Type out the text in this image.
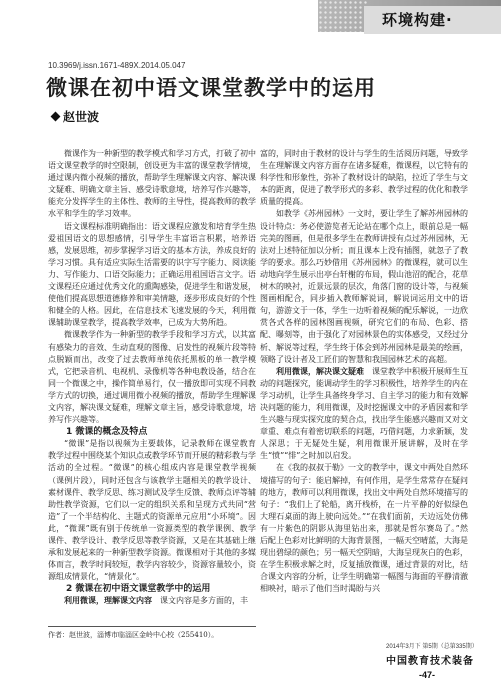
环境构建·
10.3969/j.issn.1671-489X.2014.05.047
微课在初中语文课堂教学中的运用
赵世波

微课作为一种新型的教学模式和学习方式，打破了初中语文课堂教学的时空限制，创设更为丰富的课堂教学情境，通过课内微小视频的播放，帮助学生理解课文内容、解决课文疑难、明确文章主旨、感受诗歌意境，培养写作兴趣等，能充分发挥学生的主体性、教师的主导性，提高教师的教学水平和学生的学习效率。

语文课程标准明确指出：语文课程应激发和培育学生热爱祖国语文的思想感情，引导学生丰富语言积累，培养语感，发展思维，初步掌握学习语文的基本方法，养成良好的学习习惯。具有适应实际生活需要的识字写字能力、阅读能力、写作能力、口语交际能力；正确运用祖国语言文字。语文课程还应通过优秀文化的熏陶感染，促进学生和谐发展，使他们提高思想道德修养和审美情趣，逐步形成良好的个性和健全的人格。因此，在信息技术飞速发展的今天，利用微课辅助课堂教学，提高教学效率，已成为大势所趋。

微课教学作为一种新型的教学手段和学习方式，以其富有感染力的音效、生动直观的图像、启发性的视频片段等特点脱颖而出，改变了过去教师单纯依托黑板的单一教学模式，它把录音机、电视机、录像机等各种电教设备，结合在同一个微课之中，操作简单易行，仅一播放即可实现不同教学方式的切换，通过调用微小视频的播放，帮助学生理解课文内容，解决课文疑难，理解文章主旨，感受诗歌意境，培养写作兴趣等。

1 微课的概念及特点

“微课”是指以视频为主要载体，记录教师在课堂教育教学过程中围绕某个知识点或教学环节而开展的精彩教与学活动的全过程。“微课”的核心组成内容是课堂教学视频（课例片段），同时还包含与该教学主题相关的教学设计、素材课件、教学反思、练习测试及学生反馈、教师点评等辅助性教学资源，它们以一定的组织关系和呈现方式共同“营造”了一个半结构化、主题式的资源单元应用“小环境”。因此，“微课”既有别于传统单一资源类型的教学课例、教学课件、教学设计、教学反思等教学资源，又是在其基础上继承和发展起来的一种新型教学资源。微课相对于其他的多媒体而言，教学时间较短，教学内容较少，资源容量较小，资源组成情景化，“情景化”。

2 微课在初中语文课堂教学中的运用

利用微课，理解课文内容　 课文内容是多方面的，丰

富的，同时由于教材的设计与学生的生活阅历问题，导致学生在理解课文内容方面存在诸多疑难，微课程，以它特有的科学性和形象性，弥补了教材设计的缺陷，拉近了学生与文本的距离，促进了教学形式的多彩、教学过程的优化和教学质量的提高。

如教学《苏州园林》一文时，要让学生了解苏州园林的设计特点：务必使游览者无论站在哪个点上，眼前总是一幅完美的图画，但是很多学生在教师讲授有点过苏州园林，无法对上述特征加以分析；而且课本上没有插图，就忽子了教学的要求。那么巧妙借用《苏州园林》的微课程，就可以生动地向学生展示出亭台轩榭的布局，假山池沼的配合，花草树木的映衬，近景远景的层次，角落门窗的设计等，与视频图画相配合，同步插入教师解说词，解说词运用文中的语句，游游文于一体，学生一边听着视频的配乐解说，一边欣赏各式各样的园林图画视频，研究它们的布局、色彩、搭配、曝刻等，由于强化了对园林景色的实体感受，又经过分析、解说等过程，学生终于体会到苏州园林是最美的绘画，领略了设计者及工匠们的智慧和我国园林艺术的高超。

利用微课，解决课文疑难　 课堂教学中积极开展师生互动的问题探究，能调动学生的学习积极性，培养学生的内在学习动机，让学生具备终身学习、自主学习的能力和有效解决问题的能力，利用微课，及时挖掘课文中的矛盾因素和学生兴趣与现实探究度的契合点，找出学生能感兴趣而又对文章重、难点有着密切联系的问题，巧借问题，力求新颖，发人深思；于无疑处生疑，利用微课开展讲解，及时在学生“愤”“悱”之时加以启发。

在《我的叔叔于勒》一文的教学中，课文中两处自然环境描写的句子：能启解掉，有何作用，是学生常常存在疑问的地方，教师可以利用微课，找出文中两处自然环境描写的句子：“我们上了轮船，离开栈桥，在一片平静的好似绿色大理石桌面的海上驶向远处。”“在我们面前，天边远处仿佛有一片紫色的阴影从海里钻出来，那就是哲尔赛岛了。”然后配上色彩对比鲜明的大海背景图，一幅天空晴蓝，大海是现出碧绿的颜色；另一幅天空阴暗，大海呈现灰白的色彩，在学生积极求解之时，反复插放微课，通过背景的对比，结合课文内容的分析，让学生明确第一幅图与海面的平静清澈相映衬，暗示了他们当时渴盼与兴

作者：赵世波，淄博市临淄区金岭中心校（255410）。
2014年3月下 第5期（总第335期）
中国教育技术装备
-47-
